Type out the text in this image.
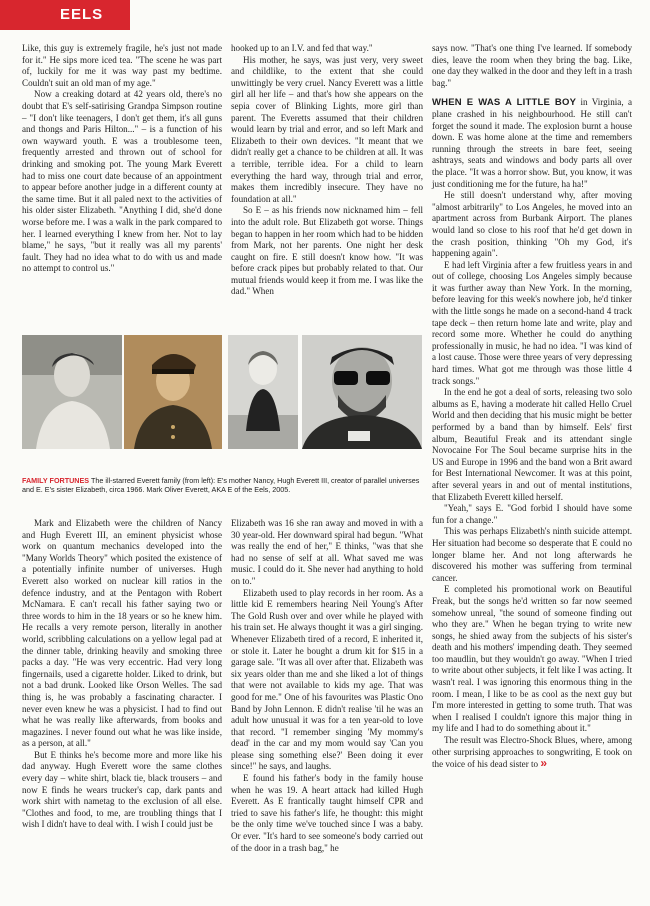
EELS

Like, this guy is extremely fragile, he's just not made for it." He sips more iced tea. "The scene he was part of, luckily for me it was way past my bedtime. Couldn't suit an old man of my age."

Now a creaking dotard at 42 years old, there's no doubt that E's self-satirising Grandpa Simpson routine – "I don't like teenagers, I don't get them, it's all guns and thongs and Paris Hilton..." – is a function of his own wayward youth. E was a troublesome teen, frequently arrested and thrown out of school for drinking and smoking pot. The young Mark Everett had to miss one court date because of an appointment to appear before another judge in a different county at the same time. But it all paled next to the activities of his older sister Elizabeth. "Anything I did, she'd done worse before me. I was a walk in the park compared to her. I learned everything I knew from her. Not to lay blame," he says, "but it really was all my parents' fault. They had no idea what to do with us and made no attempt to control us."

hooked up to an I.V. and fed that way."

His mother, he says, was just very, very sweet and childlike, to the extent that she could unwittingly be very cruel. Nancy Everett was a little girl all her life – and that's how she appears on the sepia cover of Blinking Lights, more girl than parent. The Everetts assumed that their children would learn by trial and error, and so left Mark and Elizabeth to their own devices. "It meant that we didn't really get a chance to be children at all. It was a terrible, terrible idea. For a child to learn everything the hard way, through trial and error, makes them incredibly insecure. They have no foundation at all."

So E – as his friends now nicknamed him – fell into the adult role. But Elizabeth got worse. Things began to happen in her room which had to be hidden from Mark, not her parents. One night her desk caught on fire. E still doesn't know how. "It was before crack pipes but probably related to that. Our mutual friends would keep it from me. I was like the dad." When

says now. "That's one thing I've learned. If somebody dies, leave the room when they bring the bag. Like, one day they walked in the door and they left in a trash bag."

WHEN E WAS A LITTLE BOY in Virginia, a plane crashed in his neighbourhood. He still can't forget the sound it made. The explosion burnt a house down. E was home alone at the time and remembers running through the streets in bare feet, seeing ashtrays, seats and windows and body parts all over the place. "It was a horror show. But, you know, it was just conditioning me for the future, ha ha!"

He still doesn't understand why, after moving "almost arbitrarily" to Los Angeles, he moved into an apartment across from Burbank Airport. The planes would land so close to his roof that he'd get down in the crash position, thinking "Oh my God, it's happening again".

E had left Virginia after a few fruitless years in and out of college, choosing Los Angeles simply because it was further away than New York. In the morning, before leaving for this week's nowhere job, he'd tinker with the little songs he made on a second-hand 4 track tape deck – then return home late and write, play and record some more. Whether he could do anything professionally in music, he had no idea. "I was kind of a lost cause. Those were three years of very depressing hard times. What got me through was those little 4 track songs."

In the end he got a deal of sorts, releasing two solo albums as E, having a moderate hit called Hello Cruel World and then deciding that his music might be better performed by a band than by himself. Eels' first album, Beautiful Freak and its attendant single Novocaine For The Soul became surprise hits in the US and Europe in 1996 and the band won a Brit award for Best International Newcomer. It was at this point, after several years in and out of mental institutions, that Elizabeth Everett killed herself.

"Yeah," says E. "God forbid I should have some fun for a change."

This was perhaps Elizabeth's ninth suicide attempt. Her situation had become so desperate that E could no longer blame her. And not long afterwards he discovered his mother was suffering from terminal cancer.

E completed his promotional work on Beautiful Freak, but the songs he'd written so far now seemed somehow unreal, "the sound of someone finding out who they are." When he began trying to write new songs, he shied away from the subjects of his sister's death and his mothers' impending death. They seemed too maudlin, but they wouldn't go away. "When I tried to write about other subjects, it felt like I was acting. It wasn't real. I was ignoring this enormous thing in the room. I mean, I like to be as cool as the next guy but I'm more interested in getting to some truth. That was when I realised I couldn't ignore this major thing in my life and I had to do something about it."

The result was Electro-Shock Blues, where, among other surprising approaches to songwriting, E took on the voice of his dead sister to »

FAMILY FORTUNES The ill-starred Everett family (from left): E's mother Nancy, Hugh Everett III, creator of parallel universes and E. E's sister Elizabeth, circa 1966. Mark Oliver Everett, AKA E of the Eels, 2005.

Mark and Elizabeth were the children of Nancy and Hugh Everett III, an eminent physicist whose work on quantum mechanics developed into the "Many Worlds Theory" which posited the existence of a potentially infinite number of universes. Hugh Everett also worked on nuclear kill ratios in the defence industry, and at the Pentagon with Robert McNamara. E can't recall his father saying two or three words to him in the 18 years or so he knew him. He recalls a very remote person, literally in another world, scribbling calculations on a yellow legal pad at the dinner table, drinking heavily and smoking three packs a day. "He was very eccentric. Had very long fingernails, used a cigarette holder. Liked to drink, but not a bad drunk. Looked like Orson Welles. The sad thing is, he was probably a fascinating character. I never even knew he was a physicist. I had to find out what he was really like afterwards, from books and magazines. I never found out what he was like inside, as a person, at all."

But E thinks he's become more and more like his dad anyway. Hugh Everett wore the same clothes every day – white shirt, black tie, black trousers – and now E finds he wears trucker's cap, dark pants and work shirt with nametag to the exclusion of all else. "Clothes and food, to me, are troubling things that I wish I didn't have to deal with. I wish I could just be

Elizabeth was 16 she ran away and moved in with a 30 year-old. Her downward spiral had begun. "What was really the end of her," E thinks, "was that she had no sense of self at all. What saved me was music. I could do it. She never had anything to hold on to."

Elizabeth used to play records in her room. As a little kid E remembers hearing Neil Young's After The Gold Rush over and over while he played with his train set. He always thought it was a girl singing. Whenever Elizabeth tired of a record, E inherited it, or stole it. Later he bought a drum kit for $15 in a garage sale. "It was all over after that. Elizabeth was six years older than me and she liked a lot of things that were not available to kids my age. That was good for me." One of his favourites was Plastic Ono Band by John Lennon. E didn't realise 'til he was an adult how unusual it was for a ten year-old to love that record. "I remember singing 'My mommy's dead' in the car and my mom would say 'Can you please sing something else?' Been doing it ever since!" he says, and laughs.

E found his father's body in the family house when he was 19. A heart attack had killed Hugh Everett. As E frantically taught himself CPR and tried to save his father's life, he thought: this might be the only time we've touched since I was a baby. Or ever. "It's hard to see someone's body carried out of the door in a trash bag," he
